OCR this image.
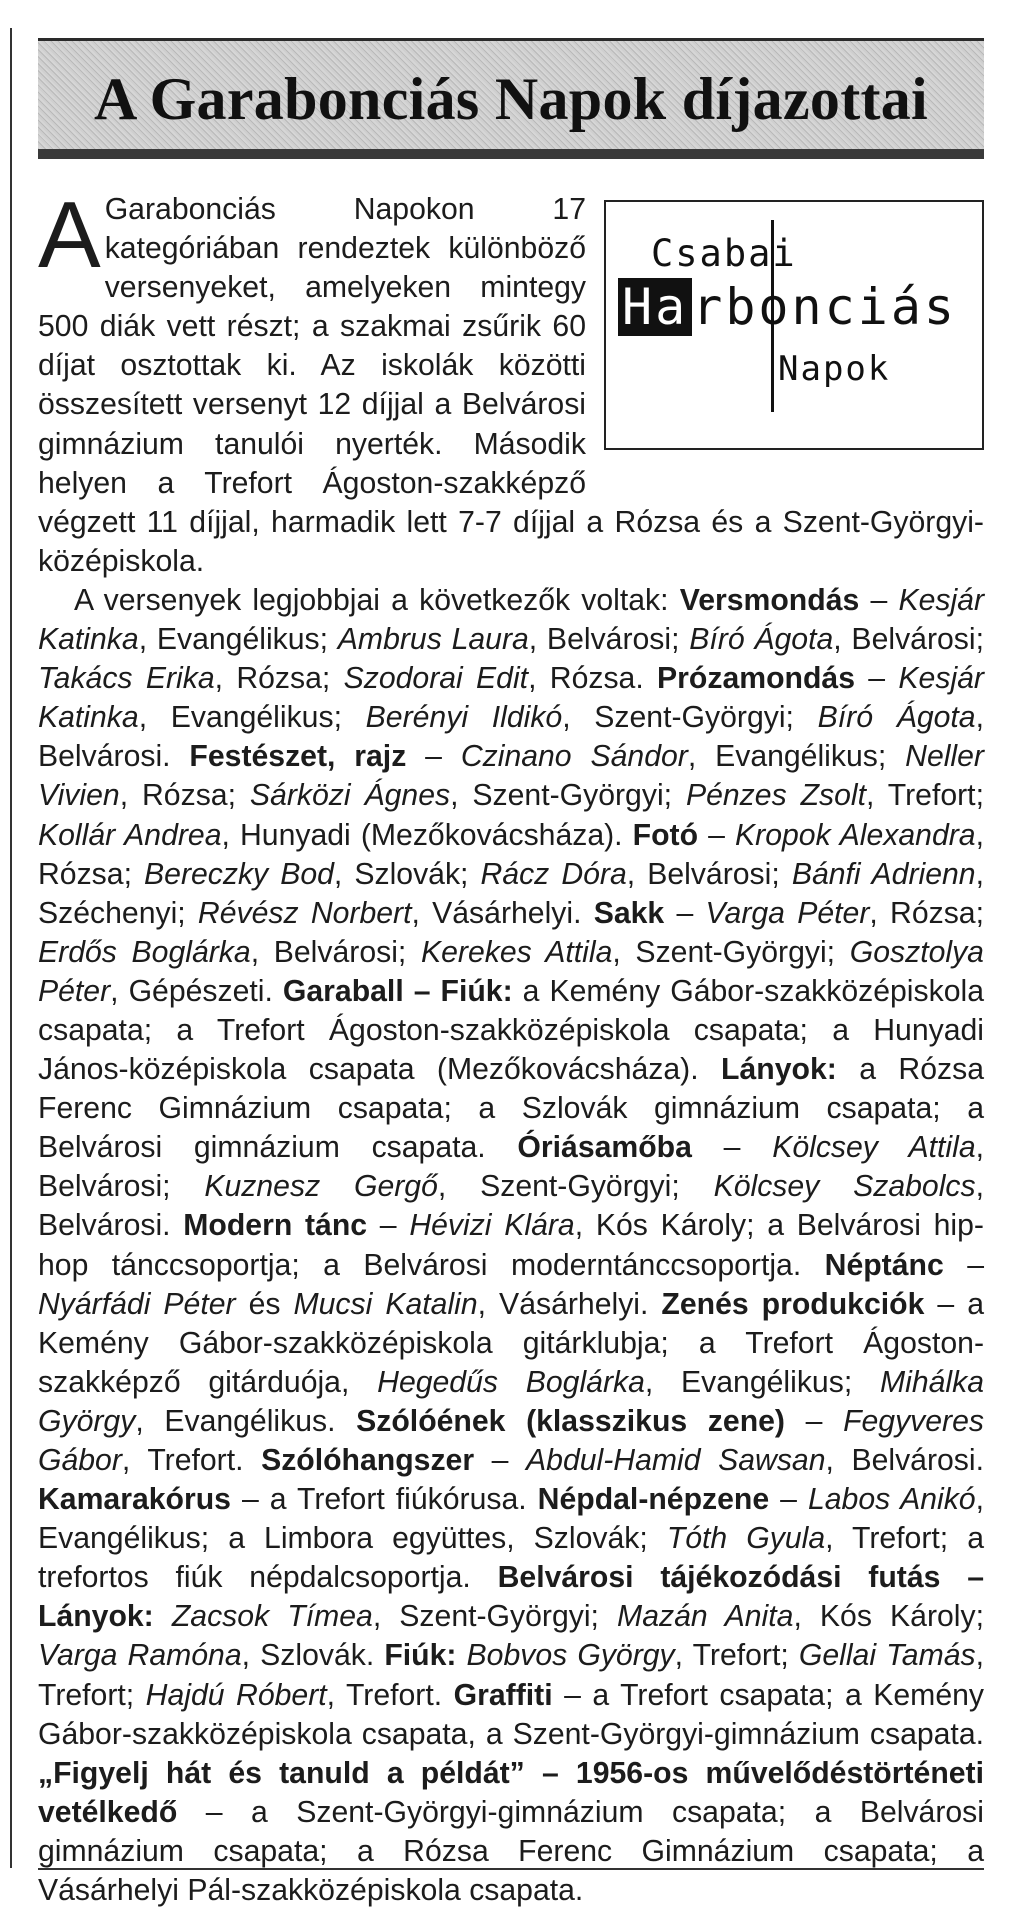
A Garabonciás Napok díjazottai
Csabai
Harbonciás
Napok

A Garabonciás Napokon 17 kategóriában rendeztek különböző versenyeket, amelyeken mintegy 500 diák vett részt; a szakmai zsűrik 60 díjat osztottak ki. Az iskolák közötti összesített versenyt 12 díjjal a Belvárosi gimnázium tanulói nyerték. Második helyen a Trefort Ágoston-szakképző végzett 11 díjjal, harmadik lett 7-7 díjjal a Rózsa és a Szent-Györgyi-középiskola.

A versenyek legjobbjai a következők voltak: Versmondás – Kesjár Katinka, Evangélikus; Ambrus Laura, Belvárosi; Bíró Ágota, Belvárosi; Takács Erika, Rózsa; Szodorai Edit, Rózsa. Prózamondás – Kesjár Katinka, Evangélikus; Berényi Ildikó, Szent-Györgyi; Bíró Ágota, Belvárosi. Festészet, rajz – Czinano Sándor, Evangélikus; Neller Vivien, Rózsa; Sárközi Ágnes, Szent-Györgyi; Pénzes Zsolt, Trefort; Kollár Andrea, Hunyadi (Mezőkovácsháza). Fotó – Kropok Alexandra, Rózsa; Bereczky Bod, Szlovák; Rácz Dóra, Belvárosi; Bánfi Adrienn, Széchenyi; Révész Norbert, Vásárhelyi. Sakk – Varga Péter, Rózsa; Erdős Boglárka, Belvárosi; Kerekes Attila, Szent-Györgyi; Gosztolya Péter, Gépészeti. Garaball – Fiúk: a Kemény Gábor-szakközépiskola csapata; a Trefort Ágoston-szakközépiskola csapata; a Hunyadi János-középiskola csapata (Mezőkovácsháza). Lányok: a Rózsa Ferenc Gimnázium csapata; a Szlovák gimnázium csapata; a Belvárosi gimnázium csapata. Óriásamőba – Kölcsey Attila, Belvárosi; Kuznesz Gergő, Szent-Györgyi; Kölcsey Szabolcs, Belvárosi. Modern tánc – Hévizi Klára, Kós Károly; a Belvárosi hip-hop tánccsoportja; a Belvárosi moderntánccsoportja. Néptánc – Nyárfádi Péter és Mucsi Katalin, Vásárhelyi. Zenés produkciók – a Kemény Gábor-szakközépiskola gitárklubja; a Trefort Ágoston-szakképző gitárduója, Hegedűs Boglárka, Evangélikus; Mihálka György, Evangélikus. Szólóének (klasszikus zene) – Fegyveres Gábor, Trefort. Szólóhangszer – Abdul-Hamid Sawsan, Belvárosi. Kamarakórus – a Trefort fiúkórusa. Népdal-népzene – Labos Anikó, Evangélikus; a Limbora együttes, Szlovák; Tóth Gyula, Trefort; a trefortos fiúk népdalcsoportja. Belvárosi tájékozódási futás – Lányok: Zacsok Tímea, Szent-Györgyi; Mazán Anita, Kós Károly; Varga Ramóna, Szlovák. Fiúk: Bobvos György, Trefort; Gellai Tamás, Trefort; Hajdú Róbert, Trefort. Graffiti – a Trefort csapata; a Kemény Gábor-szakközépiskola csapata, a Szent-Györgyi-gimnázium csapata. „Figyelj hát és tanuld a példát” – 1956-os művelődéstörténeti vetélkedő – a Szent-Györgyi-gimnázium csapata; a Belvárosi gimnázium csapata; a Rózsa Ferenc Gimnázium csapata; a Vásárhelyi Pál-szakközépiskola csapata.
